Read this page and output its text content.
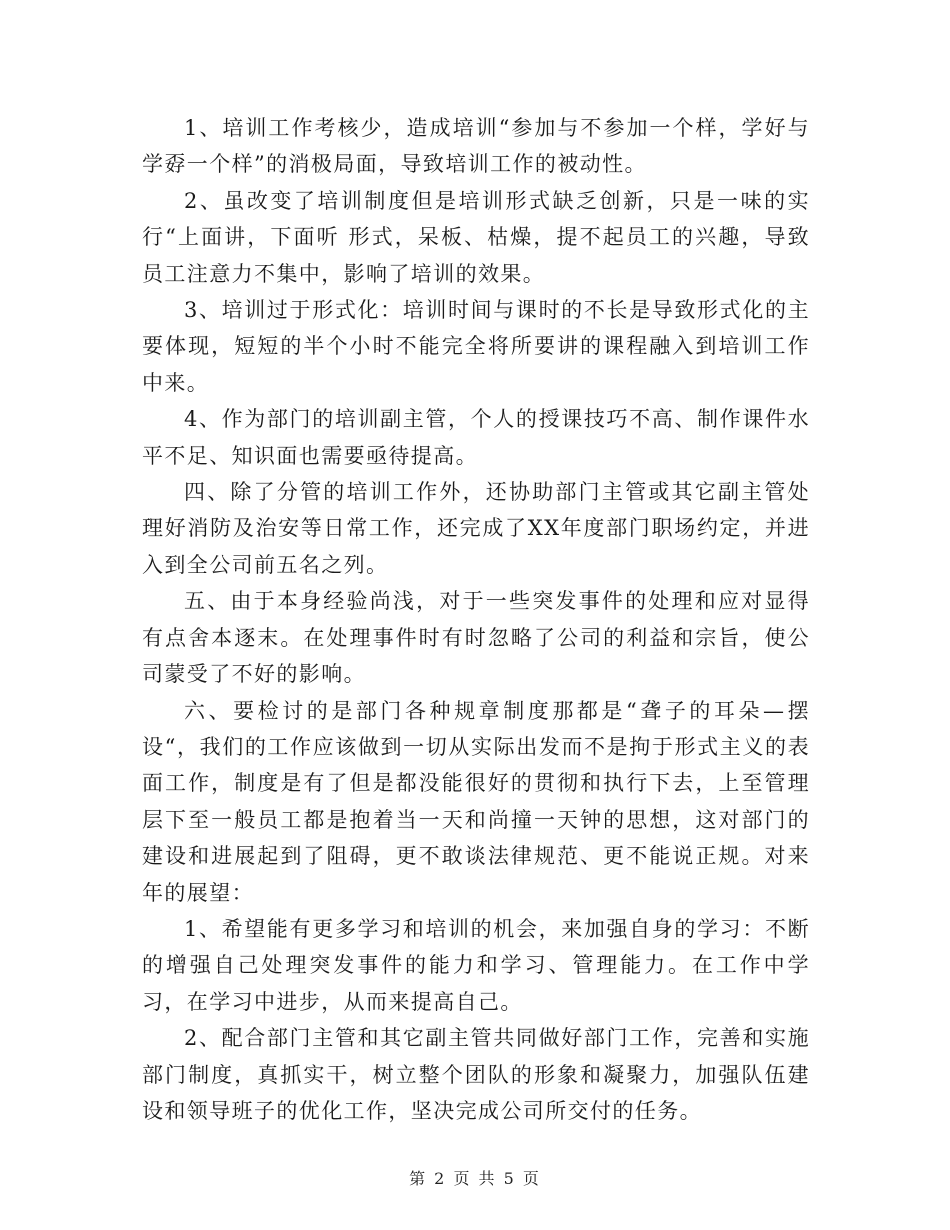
1、培训工作考核少，造成培训“参加与不参加一个样，学好与学孬一个样”的消极局面，导致培训工作的被动性。

2、虽改变了培训制度但是培训形式缺乏创新，只是一味的实行“上面讲，下面听 形式，呆板、枯燥，提不起员工的兴趣，导致员工注意力不集中，影响了培训的效果。

3、培训过于形式化：培训时间与课时的不长是导致形式化的主要体现，短短的半个小时不能完全将所要讲的课程融入到培训工作中来。

4、作为部门的培训副主管，个人的授课技巧不高、制作课件水平不足、知识面也需要亟待提高。

四、除了分管的培训工作外，还协助部门主管或其它副主管处理好消防及治安等日常工作，还完成了XX年度部门职场约定，并进入到全公司前五名之列。

五、由于本身经验尚浅，对于一些突发事件的处理和应对显得有点舍本逐末。在处理事件时有时忽略了公司的利益和宗旨，使公司蒙受了不好的影响。

六、要检讨的是部门各种规章制度那都是“聋子的耳朵—摆设“，我们的工作应该做到一切从实际出发而不是拘于形式主义的表面工作，制度是有了但是都没能很好的贯彻和执行下去，上至管理层下至一般员工都是抱着当一天和尚撞一天钟的思想，这对部门的建设和进展起到了阻碍，更不敢谈法律规范、更不能说正规。对来年的展望：

1、希望能有更多学习和培训的机会，来加强自身的学习：不断的增强自己处理突发事件的能力和学习、管理能力。在工作中学习，在学习中进步，从而来提高自己。

2、配合部门主管和其它副主管共同做好部门工作，完善和实施部门制度，真抓实干，树立整个团队的形象和凝聚力，加强队伍建设和领导班子的优化工作，坚决完成公司所交付的任务。

第 2 页 共 5 页
